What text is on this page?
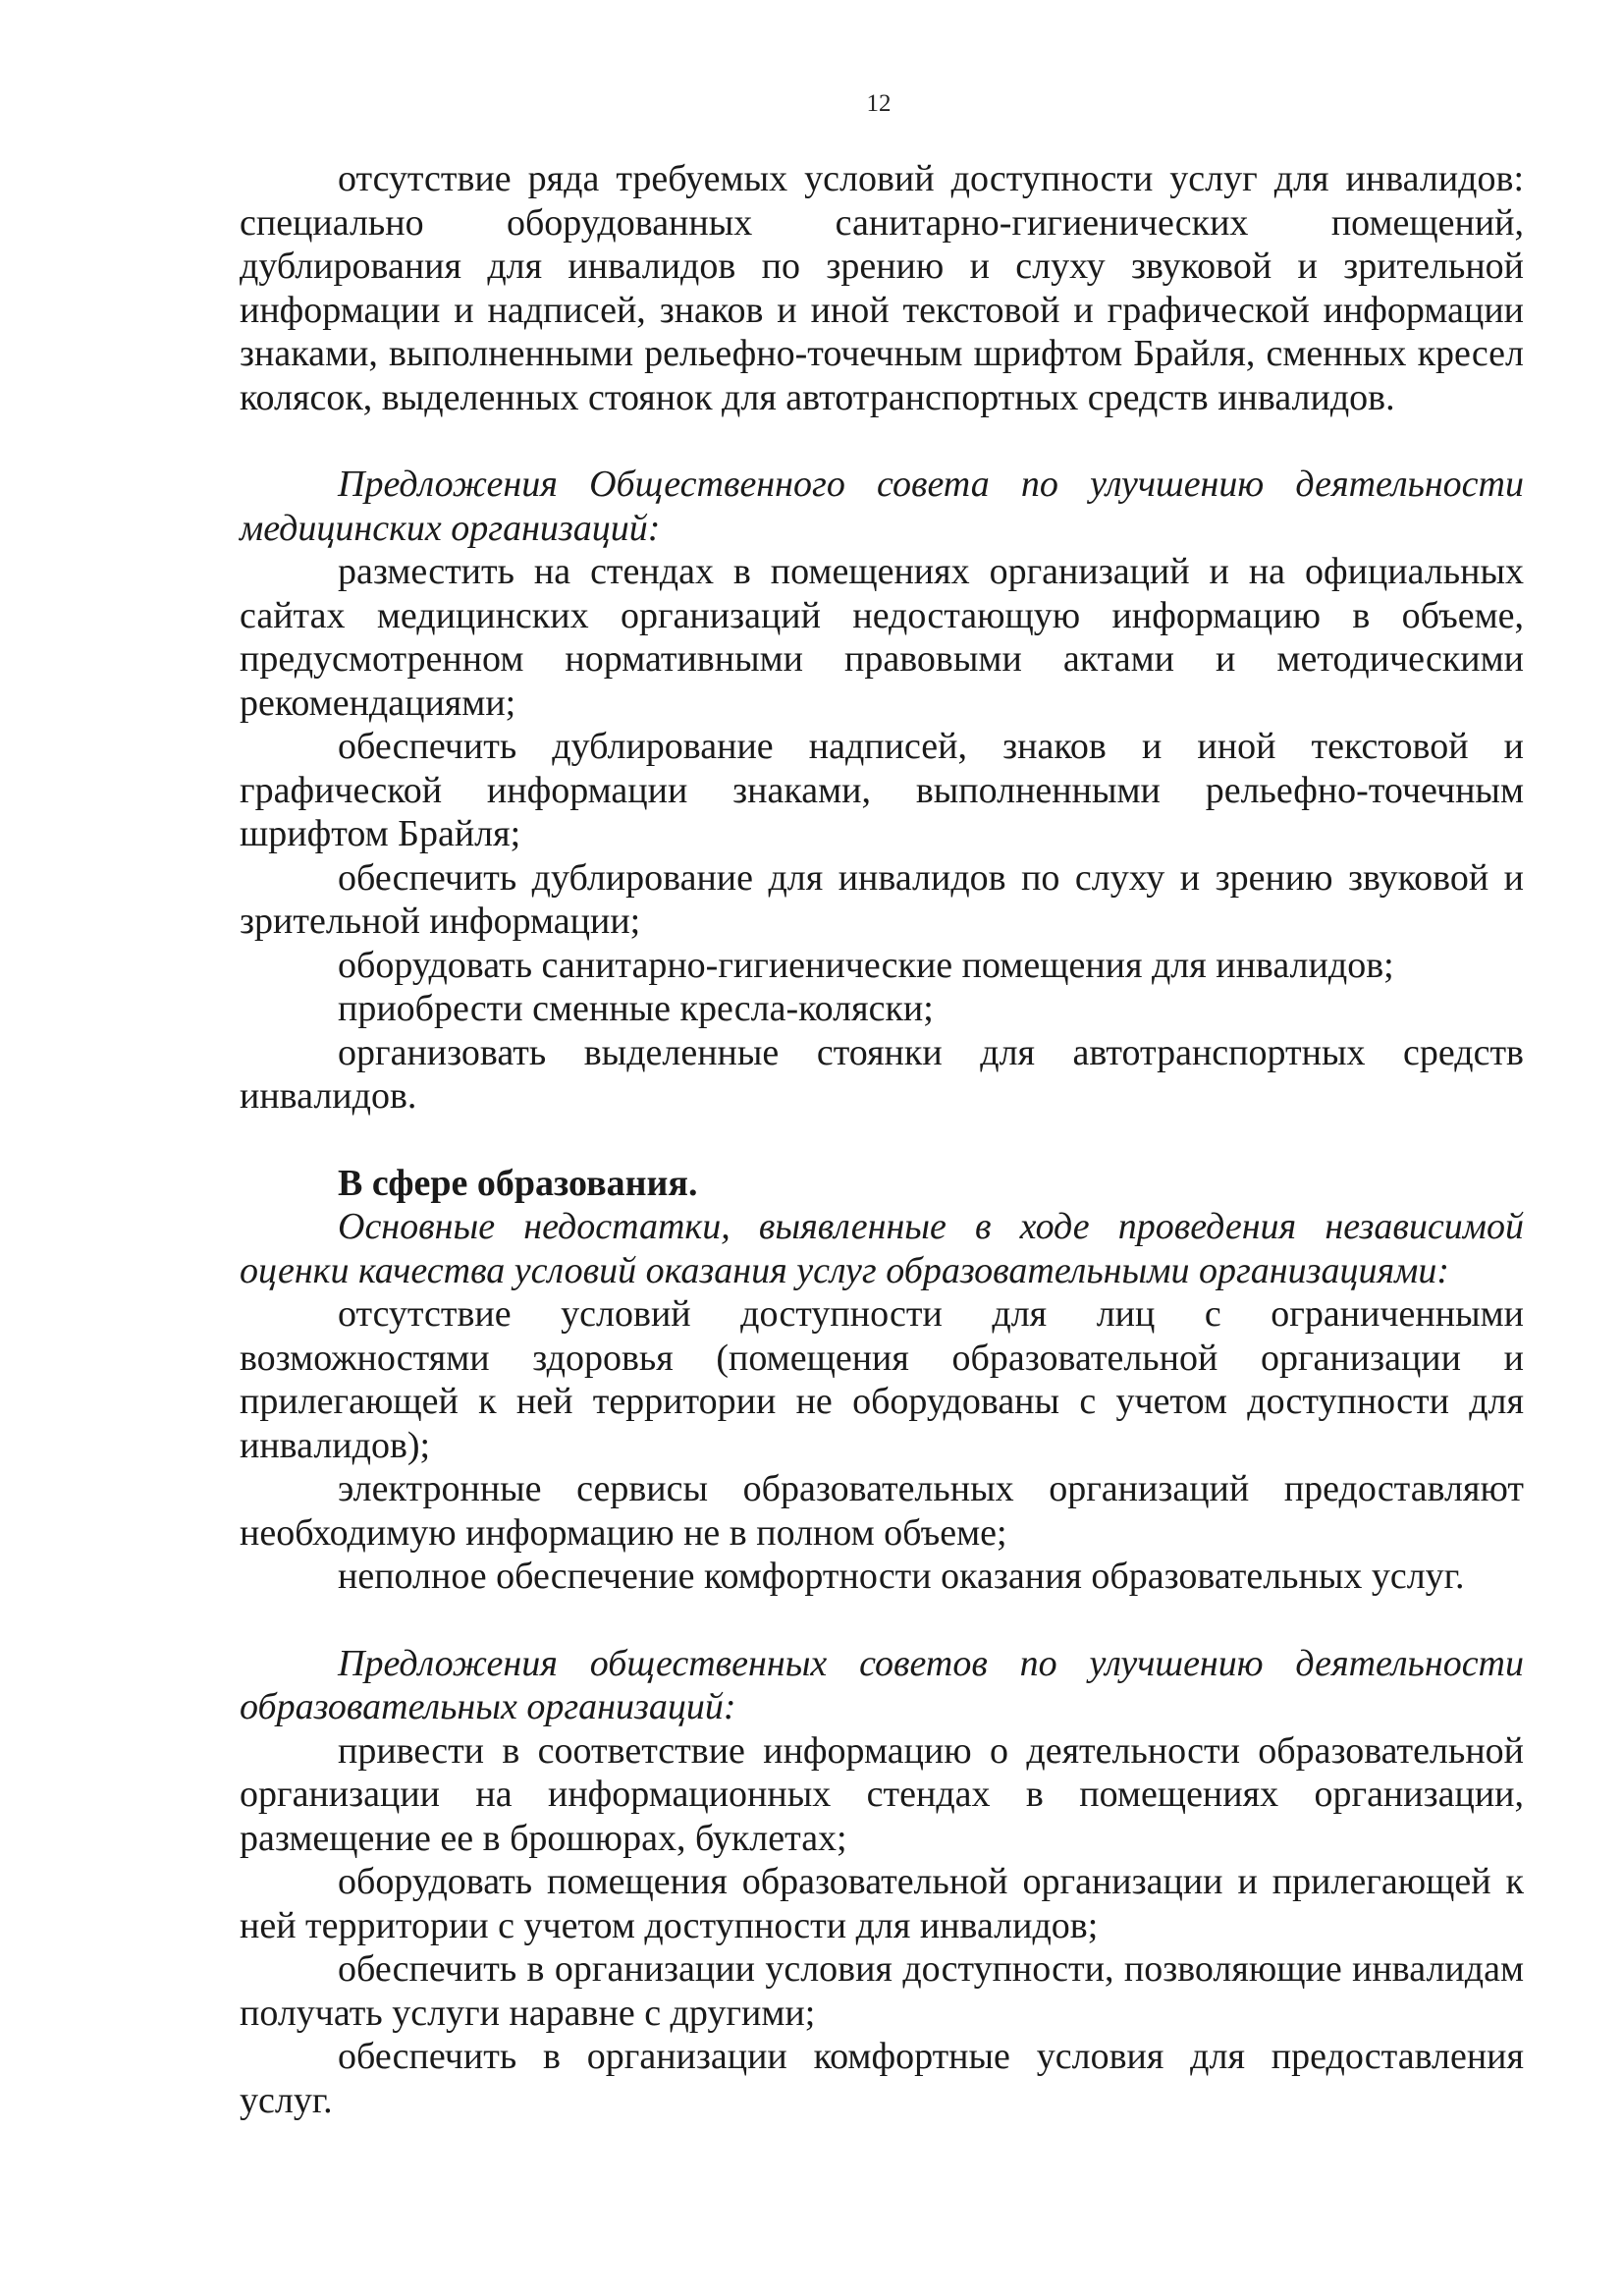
12

отсутствие ряда требуемых условий доступности услуг для инвалидов: специально оборудованных санитарно-гигиенических помещений, дублирования для инвалидов по зрению и слуху звуковой и зрительной информации и надписей, знаков и иной текстовой и графической информации знаками, выполненными рельефно-точечным шрифтом Брайля, сменных кресел колясок, выделенных стоянок для автотранспортных средств инвалидов.

Предложения Общественного совета по улучшению деятельности медицинских организаций:

разместить на стендах в помещениях организаций и на официальных сайтах медицинских организаций недостающую информацию в объеме, предусмотренном нормативными правовыми актами и методическими рекомендациями;

обеспечить дублирование надписей, знаков и иной текстовой и графической информации знаками, выполненными рельефно-точечным шрифтом Брайля;

обеспечить дублирование для инвалидов по слуху и зрению звуковой и зрительной информации;

оборудовать санитарно-гигиенические помещения для инвалидов;

приобрести сменные кресла-коляски;

организовать выделенные стоянки для автотранспортных средств инвалидов.

В сфере образования.

Основные недостатки, выявленные в ходе проведения независимой оценки качества условий оказания услуг образовательными организациями:

отсутствие условий доступности для лиц с ограниченными возможностями здоровья (помещения образовательной организации и прилегающей к ней территории не оборудованы с учетом доступности для инвалидов);

электронные сервисы образовательных организаций предоставляют необходимую информацию не в полном объеме;

неполное обеспечение комфортности оказания образовательных услуг.

Предложения общественных советов по улучшению деятельности образовательных организаций:

привести в соответствие информацию о деятельности образовательной организации на информационных стендах в помещениях организации, размещение ее в брошюрах, буклетах;

оборудовать помещения образовательной организации и прилегающей к ней территории с учетом доступности для инвалидов;

обеспечить в организации условия доступности, позволяющие инвалидам получать услуги наравне с другими;

обеспечить в организации комфортные условия для предоставления услуг.
